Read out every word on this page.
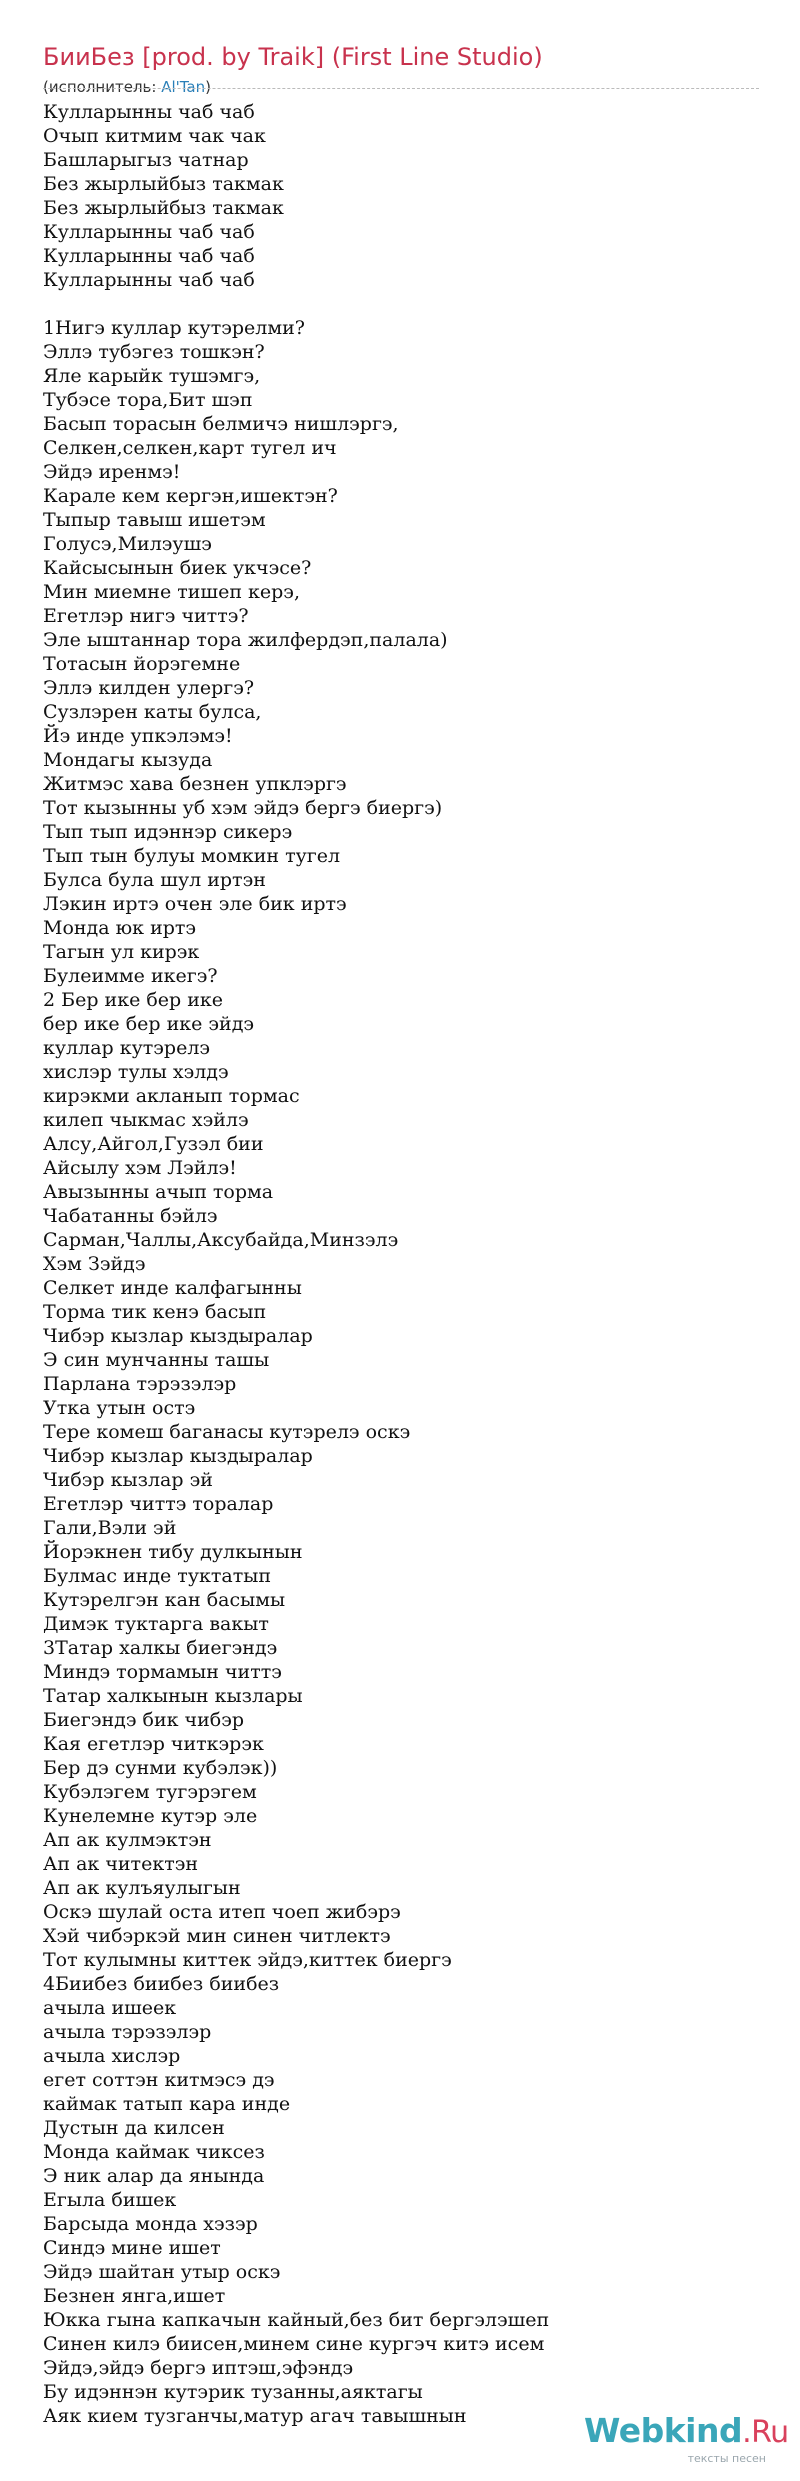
БииБез [prod. by Traik] (First Line Studio)
(исполнитель: Al'Tan)
Кулларынны чаб чаб
Очып китмим чак чак
Башларыгыз чатнар
Без жырлыйбыз такмак
Без жырлыйбыз такмак
Кулларынны чаб чаб
Кулларынны чаб чаб
Кулларынны чаб чаб
1Нигэ куллар кутэрелми?
Эллэ тубэгез тошкэн?
Яле карыйк тушэмгэ,
Тубэсе тора,Бит шэп
Басып торасын белмичэ нишлэргэ,
Селкен,селкен,карт тугел ич
Эйдэ иренмэ!
Карале кем кергэн,ишектэн?
Тыпыр тавыш ишетэм
Голусэ,Милэушэ
Кайсысынын биек укчэсе?
Мин миемне тишеп керэ,
Егетлэр нигэ читтэ?
Эле ыштаннар тора жилфердэп,палала)
Тотасын йорэгемне
Эллэ килден улергэ?
Сузлэрен каты булса,
Йэ инде упкэлэмэ!
Мондагы кызуда
Житмэс хава безнен упклэргэ
Тот кызынны уб хэм эйдэ бергэ биергэ)
Тып тып идэннэр сикерэ
Тып тын булуы момкин тугел
Булса була шул иртэн
Лэкин иртэ очен эле бик иртэ
Монда юк иртэ
Тагын ул кирэк
Булеимме икегэ?
2 Бер ике бер ике
бер ике бер ике эйдэ
куллар кутэрелэ
хислэр тулы хэлдэ
кирэкми акланып тормас
килеп чыкмас хэйлэ
Алсу,Айгол,Гузэл бии
Айсылу хэм Лэйлэ!
Авызынны ачып торма
Чабатанны бэйлэ
Сарман,Чаллы,Аксубайда,Минзэлэ
Хэм Зэйдэ
Селкет инде калфагынны
Торма тик кенэ басып
Чибэр кызлар кыздыралар
Э син мунчанны ташы
Парлана тэрэзэлэр
Утка утын остэ
Тере комеш баганасы кутэрелэ оскэ
Чибэр кызлар кыздыралар
Чибэр кызлар эй
Егетлэр читтэ торалар
Гали,Вэли эй
Йорэкнен тибу дулкынын
Булмас инде туктатып
Кутэрелгэн кан басымы
Димэк туктарга вакыт
3Татар халкы биегэндэ
Миндэ тормамын читтэ
Татар халкынын кызлары
Биегэндэ бик чибэр
Кая егетлэр читкэрэк
Бер дэ сунми кубэлэк))
Кубэлэгем тугэрэгем
Кунелемне кутэр эле
Ап ак кулмэктэн
Ап ак читектэн
Ап ак кулъяулыгын
Оскэ шулай оста итеп чоеп жибэрэ
Хэй чибэркэй мин синен читлектэ
Тот кулымны киттек эйдэ,киттек биергэ
4Биибез биибез биибез
ачыла ишеек
ачыла тэрэзэлэр
ачыла хислэр
егет соттэн китмэсэ дэ
каймак татып кара инде
Дустын да килсен
Монда каймак чиксез
Э ник алар да янында
Егыла бишек
Барсыда монда хэзэр
Синдэ мине ишет
Эйдэ шайтан утыр оскэ
Безнен янга,ишет
Юкка гына капкачын кайный,без бит бергэлэшеп
Синен килэ биисен,минем сине кургэч китэ исем
Эйдэ,эйдэ бергэ иптэш,эфэндэ
Бу идэннэн кутэрик тузанны,аяктагы
Аяк кием тузганчы,матур агач тавышнын	Webkind.Ru
тексты песен
